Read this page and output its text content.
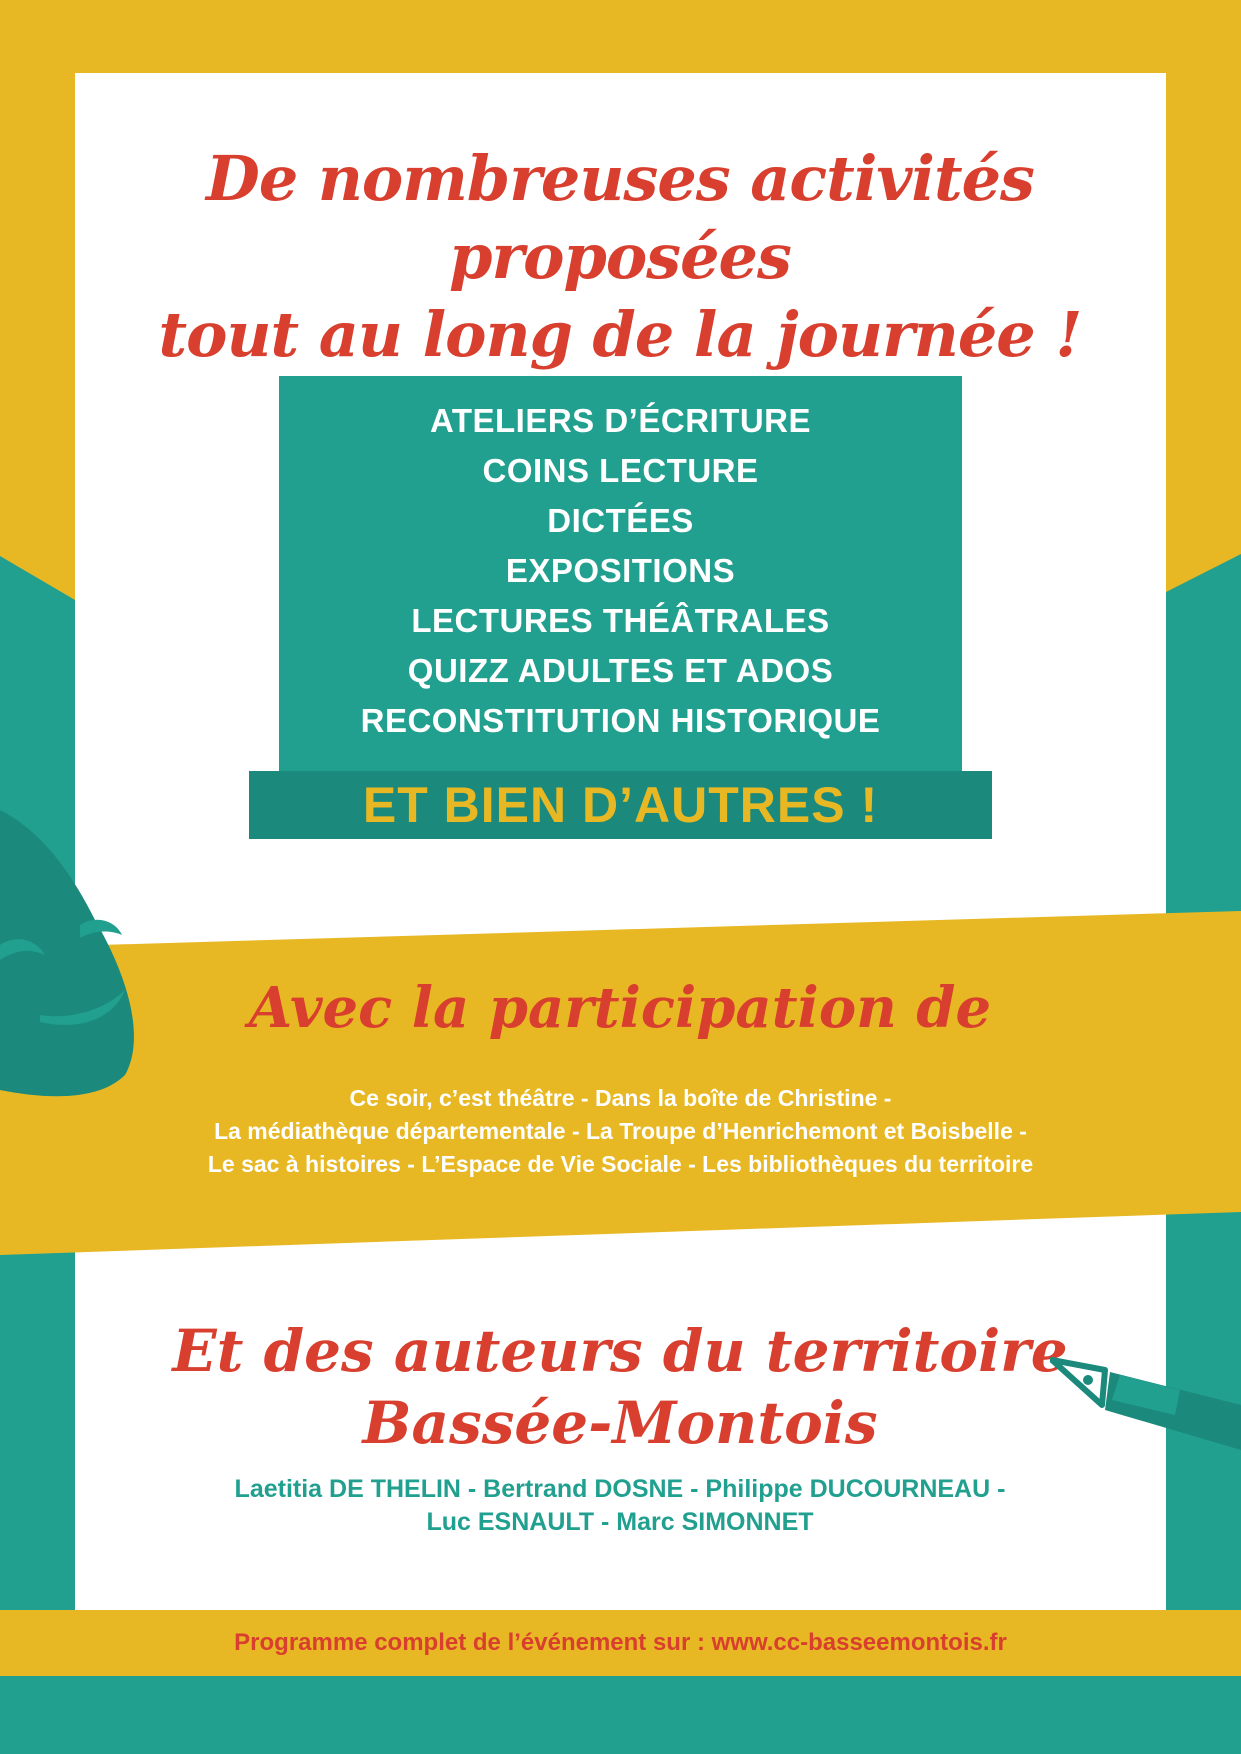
De nombreuses activités proposées
tout au long de la journée !
ATELIERS D’ÉCRITURE
COINS LECTURE
DICTÉES
EXPOSITIONS
LECTURES THÉÂTRALES
QUIZZ ADULTES ET ADOS
RECONSTITUTION HISTORIQUE
ET BIEN D’AUTRES !
Avec la participation de
Ce soir, c’est théâtre - Dans la boîte de Christine -
La médiathèque départementale - La Troupe d’Henrichemont et Boisbelle -
Le sac à histoires - L’Espace de Vie Sociale - Les bibliothèques du territoire
Et des auteurs du territoire
Bassée-Montois
Laetitia DE THELIN - Bertrand DOSNE - Philippe DUCOURNEAU -
Luc ESNAULT - Marc SIMONNET
Programme complet de l’événement sur : www.cc-basseemontois.fr
